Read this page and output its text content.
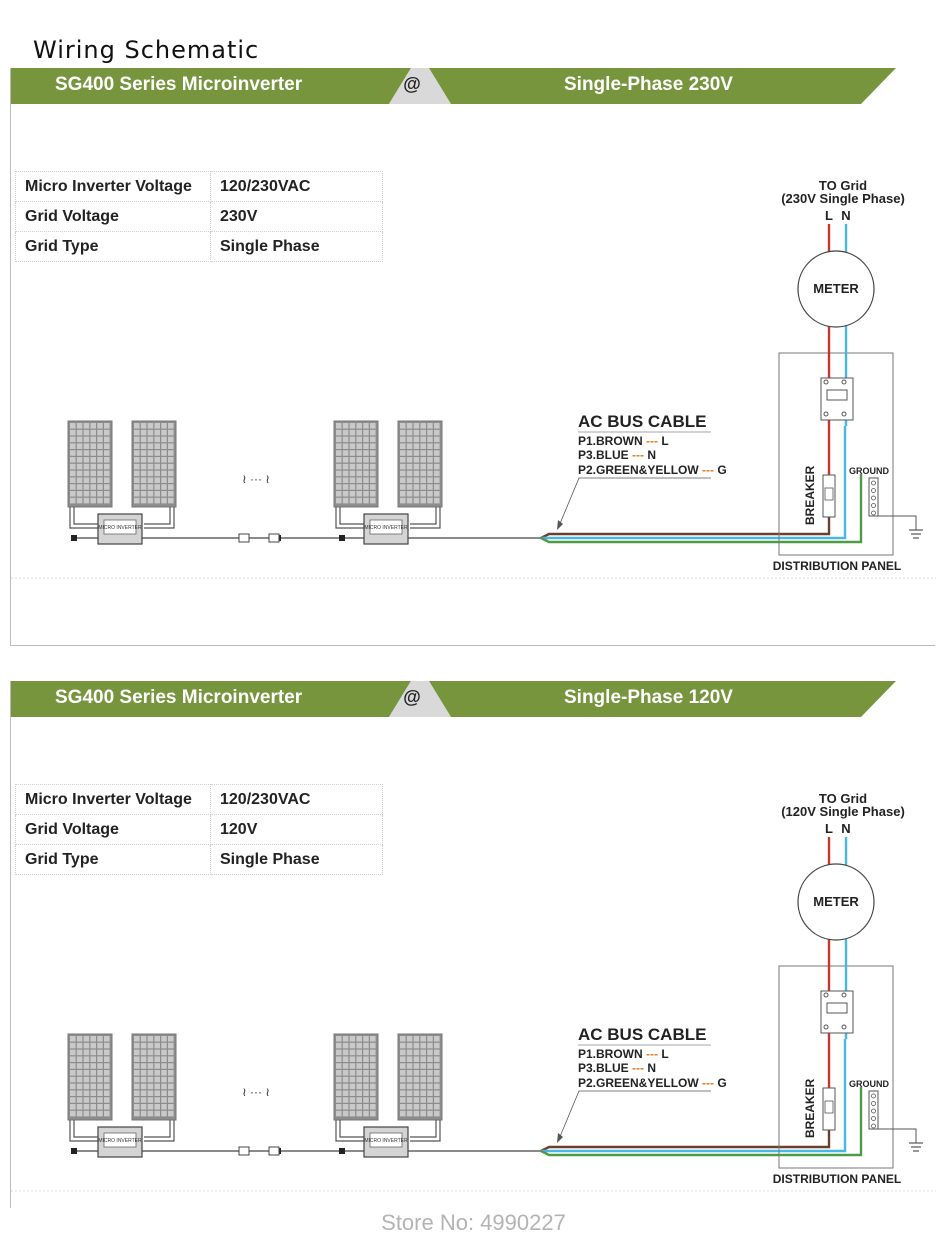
Wiring Schematic
SG400 Series Microinverter	@	Single-Phase 230V
Micro Inverter Voltage	120/230VAC
Grid Voltage	230V
Grid Type	Single Phase
MICRO INVERTER	MICRO INVERTER
≀ ··· ≀
AC BUS CABLE
P1.BROWN --- L
P3.BLUE --- N
P2.GREEN&YELLOW --- G
DISTRIBUTION PANEL
TO Grid
(230V Single Phase)
L N
METER
BREAKER	GROUND
SG400 Series Microinverter	@	Single-Phase 120V
Micro Inverter Voltage	120/230VAC
Grid Voltage	120V
Grid Type	Single Phase
MICRO INVERTER	MICRO INVERTER
≀ ··· ≀
AC BUS CABLE
P1.BROWN --- L
P3.BLUE --- N
P2.GREEN&YELLOW --- G
DISTRIBUTION PANEL
TO Grid
(120V Single Phase)
L N
METER
BREAKER	GROUND
Store No: 4990227
